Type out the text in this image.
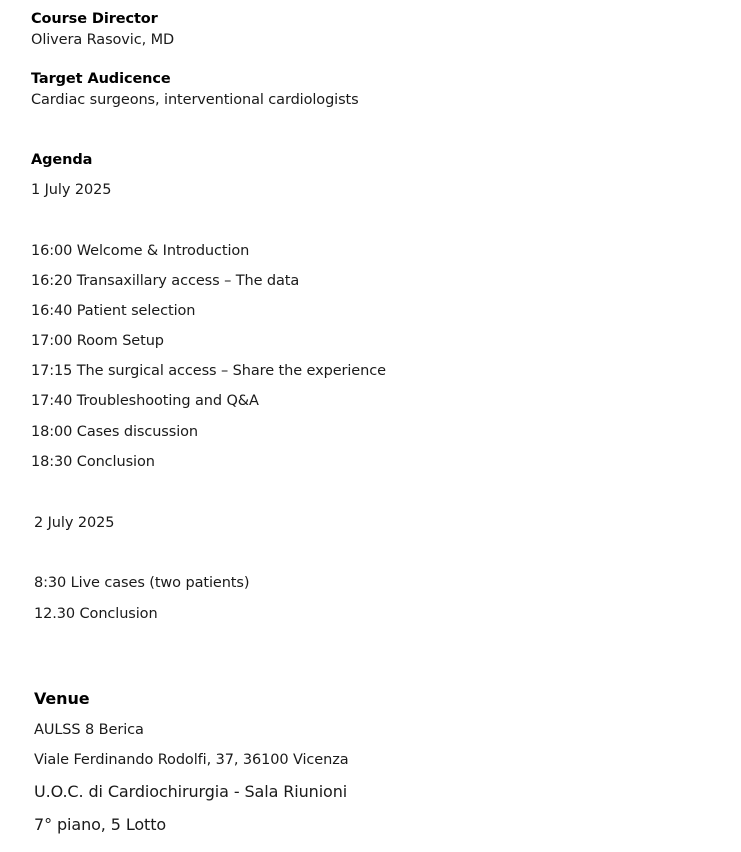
Course Director
Olivera Rasovic, MD
Target Audicence
Cardiac surgeons, interventional cardiologists
Agenda
1 July 2025
16:00 Welcome & Introduction
16:20 Transaxillary access – The data
16:40 Patient selection
17:00 Room Setup
17:15 The surgical access – Share the experience
17:40 Troubleshooting and Q&A
18:00 Cases discussion
18:30 Conclusion
2 July 2025
8:30 Live cases (two patients)
12.30 Conclusion
Venue
AULSS 8 Berica
Viale Ferdinando Rodolfi, 37, 36100 Vicenza
U.O.C. di Cardiochirurgia - Sala Riunioni
7° piano, 5 Lotto
